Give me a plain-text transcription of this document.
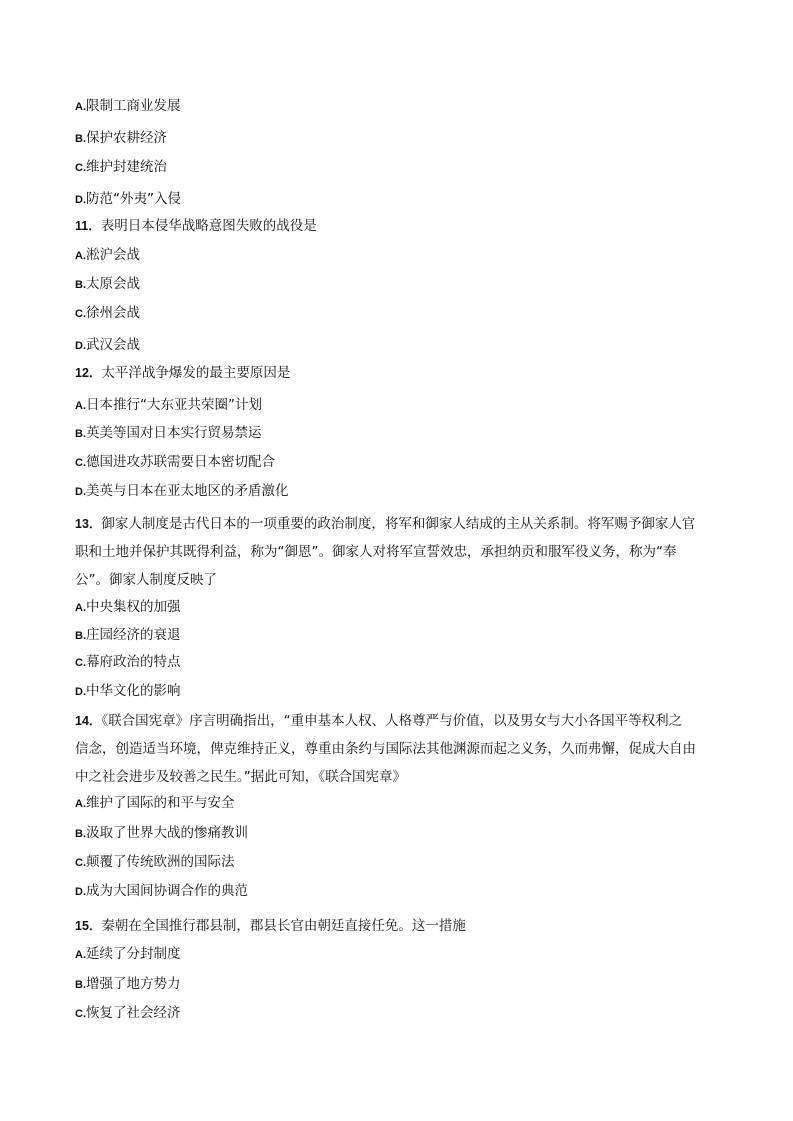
A.限制工商业发展
B.保护农耕经济
C.维护封建统治
D.防范“外夷”入侵
11．表明日本侵华战略意图失败的战役是
A.淞沪会战
B.太原会战
C.徐州会战
D.武汉会战
12．太平洋战争爆发的最主要原因是
A.日本推行“大东亚共荣圈”计划
B.英美等国对日本实行贸易禁运
C.德国进攻苏联需要日本密切配合
D.美英与日本在亚太地区的矛盾激化
13．御家人制度是古代日本的一项重要的政治制度，将军和御家人结成的主从关系制。将军赐予御家人官
职和土地并保护其既得利益，称为“御恩”。御家人对将军宣誓效忠，承担纳贡和服军役义务，称为“奉
公”。御家人制度反映了
A.中央集权的加强
B.庄园经济的衰退
C.幕府政治的特点
D.中华文化的影响
14．《联合国宪章》序言明确指出，“重申基本人权、人格尊严与价值，以及男女与大小各国平等权利之
信念，创造适当环境，俾克维持正义，尊重由条约与国际法其他渊源而起之义务，久而弗懈，促成大自由
中之社会进步及较善之民生。”据此可知，《联合国宪章》
A.维护了国际的和平与安全
B.汲取了世界大战的惨痛教训
C.颠覆了传统欧洲的国际法
D.成为大国间协调合作的典范
15．秦朝在全国推行郡县制，郡县长官由朝廷直接任免。这一措施
A.延续了分封制度
B.增强了地方势力
C.恢复了社会经济
